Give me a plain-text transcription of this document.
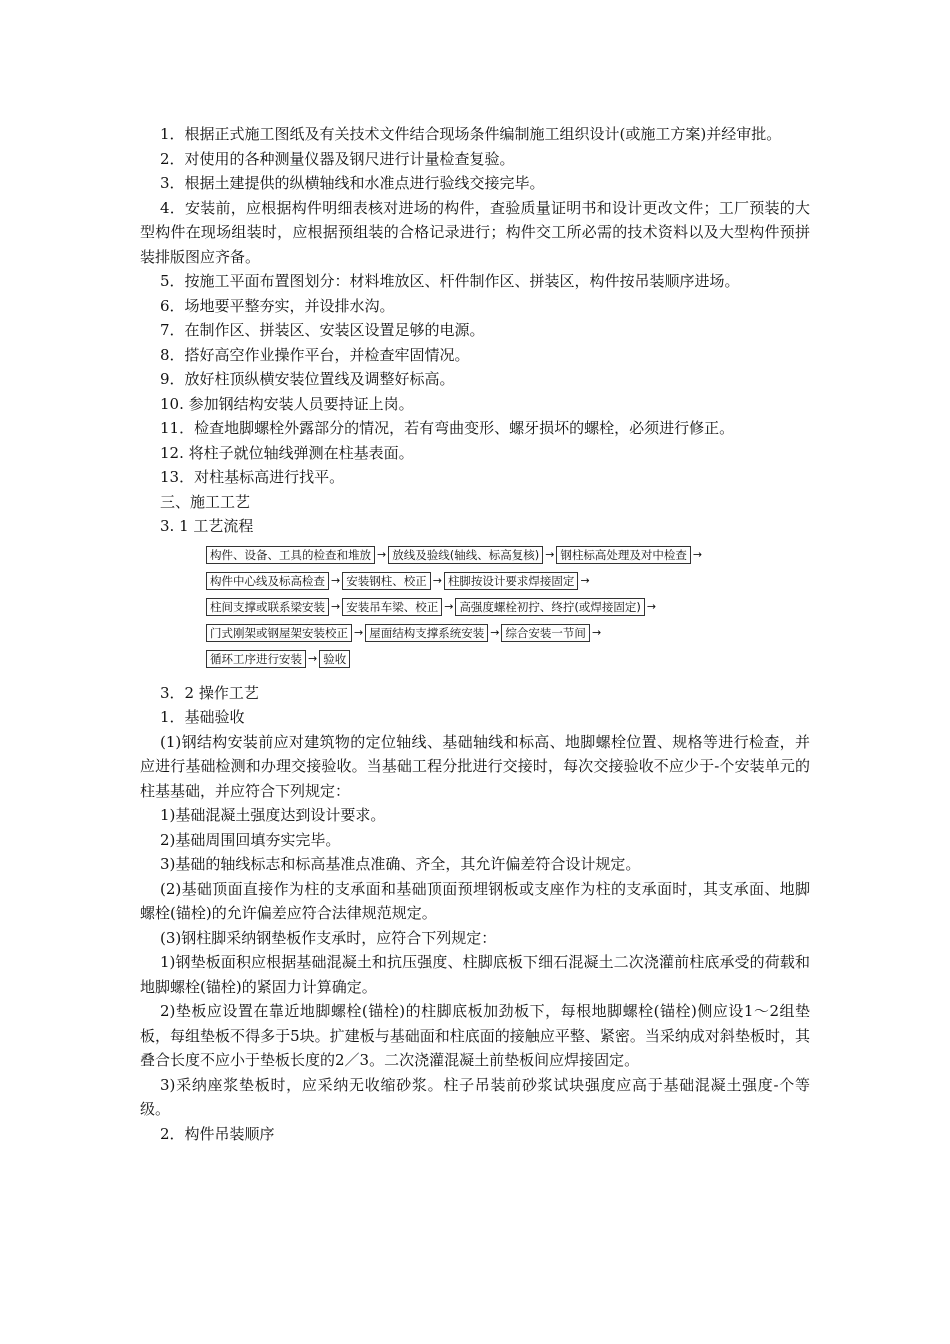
1．根据正式施工图纸及有关技术文件结合现场条件编制施工组织设计(或施工方案)并经审批。

2．对使用的各种测量仪器及钢尺进行计量检查复验。

3．根据土建提供的纵横轴线和水准点进行验线交接完毕。

4．安装前，应根据构件明细表核对进场的构件，查验质量证明书和设计更改文件；工厂预装的大型构件在现场组装时，应根据预组装的合格记录进行；构件交工所必需的技术资料以及大型构件预拼装排版图应齐备。

5．按施工平面布置图划分：材料堆放区、杆件制作区、拼装区，构件按吊装顺序进场。

6．场地要平整夯实，并设排水沟。

7．在制作区、拼装区、安装区设置足够的电源。

8．搭好高空作业操作平台，并检查牢固情况。

9．放好柱顶纵横安装位置线及调整好标高。

10. 参加钢结构安装人员要持证上岗。

11．检查地脚螺栓外露部分的情况，若有弯曲变形、螺牙损坏的螺栓，必须进行修正。

12. 将柱子就位轴线弹测在柱基表面。

13．对柱基标高进行找平。

三、施工工艺

3. 1 工艺流程

构件、设备、工具的检查和堆放 → 放线及验线(轴线、标高复核) → 钢柱标高处理及对中检查 →
构件中心线及标高检查 → 安装钢柱、校正 → 柱脚按设计要求焊接固定 →
柱间支撑或联系梁安装 → 安装吊车梁、校正 → 高强度螺栓初拧、终拧(或焊接固定) →
门式刚架或钢屋架安装校正 → 屋面结构支撑系统安装 → 综合安装一节间 →
循环工序进行安装 → 验收

3．2 操作工艺

1．基础验收

(1)钢结构安装前应对建筑物的定位轴线、基础轴线和标高、地脚螺栓位置、规格等进行检查，并应进行基础检测和办理交接验收。当基础工程分批进行交接时，每次交接验收不应少于-个安装单元的柱基基础，并应符合下列规定：

1)基础混凝土强度达到设计要求。

2)基础周围回填夯实完毕。

3)基础的轴线标志和标高基准点准确、齐全，其允许偏差符合设计规定。

(2)基础顶面直接作为柱的支承面和基础顶面预埋钢板或支座作为柱的支承面时，其支承面、地脚螺栓(锚栓)的允许偏差应符合法律规范规定。

(3)钢柱脚采纳钢垫板作支承时，应符合下列规定：

1)钢垫板面积应根据基础混凝土和抗压强度、柱脚底板下细石混凝土二次浇灌前柱底承受的荷载和地脚螺栓(锚栓)的紧固力计算确定。

2)垫板应设置在靠近地脚螺栓(锚栓)的柱脚底板加劲板下，每根地脚螺栓(锚栓)侧应设1～2组垫板，每组垫板不得多于5块。扩建板与基础面和柱底面的接触应平整、紧密。当采纳成对斜垫板时，其叠合长度不应小于垫板长度的2／3。二次浇灌混凝土前垫板间应焊接固定。

3)采纳座浆垫板时，应采纳无收缩砂浆。柱子吊装前砂浆试块强度应高于基础混凝土强度-个等级。

2．构件吊装顺序
